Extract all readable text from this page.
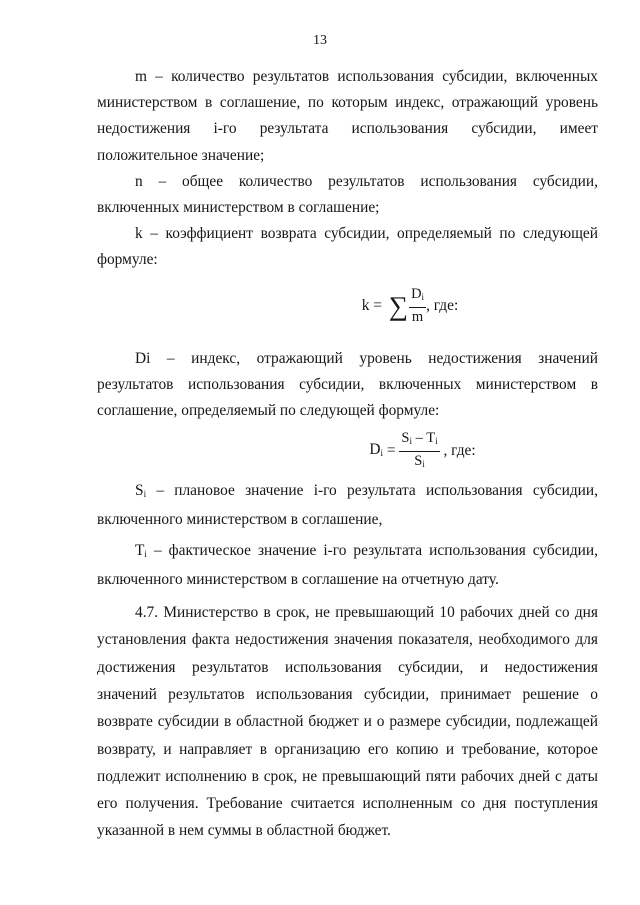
13

m – количество результатов использования субсидии, включенных министерством в соглашение, по которым индекс, отражающий уровень недостижения i-го результата использования субсидии, имеет положительное значение;

n – общее количество результатов использования субсидии, включенных министерством в соглашение;

k – коэффициент возврата субсидии, определяемый по следующей формуле:

k = ∑ $\frac{D_i}{m}$ , где:

Di – индекс, отражающий уровень недостижения значений результатов использования субсидии, включенных министерством в соглашение, определяемый по следующей формуле:

$D_i = \frac{S_i - T_i}{S_i}$ , где:

$S_i$ – плановое значение i-го результата использования субсидии, включенного министерством в соглашение,

$T_i$ – фактическое значение i-го результата использования субсидии, включенного министерством в соглашение на отчетную дату.

4.7. Министерство в срок, не превышающий 10 рабочих дней со дня установления факта недостижения значения показателя, необходимого для достижения результатов использования субсидии, и недостижения значений результатов использования субсидии, принимает решение о возврате субсидии в областной бюджет и о размере субсидии, подлежащей возврату, и направляет в организацию его копию и требование, которое подлежит исполнению в срок, не превышающий пяти рабочих дней с даты его получения. Требование считается исполненным со дня поступления указанной в нем суммы в областной бюджет.
